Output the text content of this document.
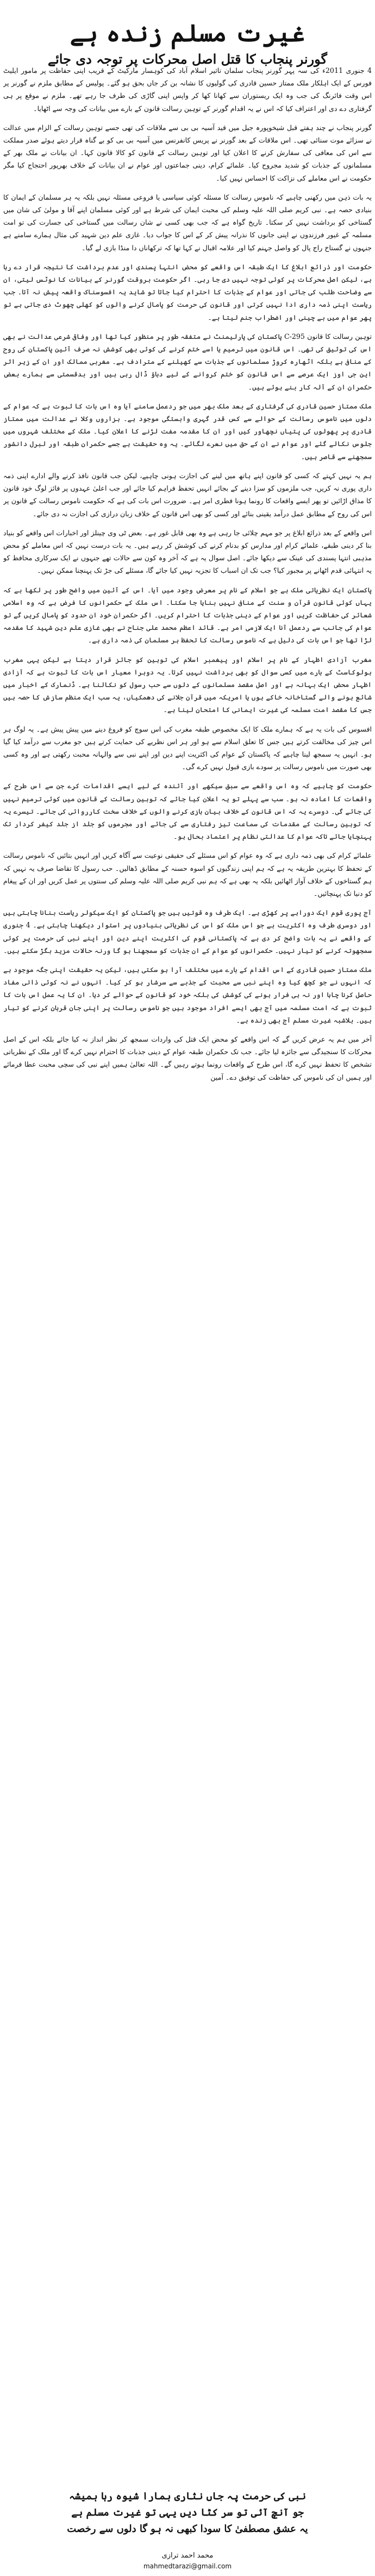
غیرت مسلم زندہ ہے
گورنر پنجاب کا قتل اصل محرکات پر توجہ دی جائے

4 جنوری 2011ء کی سہ پہر گورنر پنجاب سلمان تاثیر اسلام آباد کی کوہسار مارکیٹ کے قریب اپنی حفاظت پر مامور ایلیٹ فورس کے ایک اہلکار ملک ممتاز حسین قادری کی گولیوں کا نشانہ بن کر جاں بحق ہو گئے۔ پولیس کے مطابق ملزم نے گورنر پر اس وقت فائرنگ کی جب وہ ایک ریستوران سے کھانا کھا کر واپس اپنی گاڑی کی طرف جا رہے تھے۔ ملزم نے موقع پر ہی گرفتاری دے دی اور اعتراف کیا کہ اس نے یہ اقدام گورنر کے توہین رسالت قانون کے بارے میں بیانات کی وجہ سے اٹھایا۔

گورنر پنجاب نے چند ہفتے قبل شیخوپورہ جیل میں قید آسیہ بی بی سے ملاقات کی تھی جسے توہین رسالت کے الزام میں عدالت نے سزائے موت سنائی تھی۔ اس ملاقات کے بعد گورنر نے پریس کانفرنس میں آسیہ بی بی کو بے گناہ قرار دیتے ہوئے صدر مملکت سے اس کی معافی کی سفارش کرنے کا اعلان کیا اور توہین رسالت کے قانون کو کالا قانون کہا۔ ان بیانات نے ملک بھر کے مسلمانوں کے جذبات کو شدید مجروح کیا۔ علمائے کرام، دینی جماعتوں اور عوام نے ان بیانات کے خلاف بھرپور احتجاج کیا مگر حکومت نے اس معاملے کی نزاکت کا احساس نہیں کیا۔

یہ بات ذہن میں رکھنی چاہیے کہ ناموس رسالت کا مسئلہ کوئی سیاسی یا فروعی مسئلہ نہیں بلکہ یہ ہر مسلمان کے ایمان کا بنیادی حصہ ہے۔ نبی کریم صلی اللہ علیہ وسلم کی محبت ایمان کی شرط ہے اور کوئی مسلمان اپنے آقا و مولیٰ کی شان میں گستاخی کو برداشت نہیں کر سکتا۔ تاریخ گواہ ہے کہ جب بھی کسی نے شان رسالت میں گستاخی کی جسارت کی تو امت مسلمہ کے غیور فرزندوں نے اپنی جانوں کا نذرانہ پیش کر کے اس کا جواب دیا۔ غازی علم دین شہید کی مثال ہمارے سامنے ہے جنہوں نے گستاخ راج پال کو واصل جہنم کیا اور علامہ اقبال نے کہا تھا کہ ترکھاناں دا منڈا بازی لے گیا۔

حکومت اور ذرائع ابلاغ کا ایک طبقہ اس واقعے کو محض انتہا پسندی اور عدم برداشت کا نتیجہ قرار دے رہا ہے، لیکن اصل محرکات پر کوئی توجہ نہیں دی جا رہی۔ اگر حکومت بروقت گورنر کے بیانات کا نوٹس لیتی، ان سے وضاحت طلب کی جاتی اور عوام کے جذبات کا احترام کیا جاتا تو شاید یہ افسوسناک واقعہ پیش نہ آتا۔ جب ریاست اپنی ذمہ داری ادا نہیں کرتی اور قانون کی حرمت کو پامال کرنے والوں کو کھلی چھوٹ دی جاتی ہے تو پھر عوام میں بے چینی اور اضطراب جنم لیتا ہے۔

توہین رسالت کا قانون 295-C پاکستان کی پارلیمنٹ نے متفقہ طور پر منظور کیا تھا اور وفاقی شرعی عدالت نے بھی اس کی توثیق کی تھی۔ اس قانون میں ترمیم یا اسے ختم کرنے کی کوئی بھی کوشش نہ صرف آئین پاکستان کی روح کے منافی ہے بلکہ اٹھارہ کروڑ مسلمانوں کے جذبات سے کھیلنے کے مترادف ہے۔ مغربی ممالک اور ان کے زیر اثر این جی اوز ایک عرصے سے اس قانون کو ختم کروانے کے لیے دباؤ ڈال رہی ہیں اور بدقسمتی سے ہمارے بعض حکمران ان کے آلہ کار بنے ہوئے ہیں۔

ملک ممتاز حسین قادری کی گرفتاری کے بعد ملک بھر میں جو ردعمل سامنے آیا وہ اس بات کا ثبوت ہے کہ عوام کے دلوں میں ناموس رسالت کے حوالے سے کس قدر گہری وابستگی موجود ہے۔ ہزاروں وکلا نے عدالت میں ممتاز قادری پر پھولوں کی پتیاں نچھاور کیں اور ان کا مقدمہ مفت لڑنے کا اعلان کیا۔ ملک کے مختلف شہروں میں جلوس نکالے گئے اور عوام نے ان کے حق میں نعرے لگائے۔ یہ وہ حقیقت ہے جسے حکمران طبقہ اور لبرل دانشور سمجھنے سے قاصر ہیں۔

ہم یہ نہیں کہتے کہ کسی کو قانون اپنے ہاتھ میں لینے کی اجازت ہونی چاہیے، لیکن جب قانون نافذ کرنے والے ادارے اپنی ذمہ داری پوری نہ کریں، جب ملزموں کو سزا دینے کے بجائے انہیں تحفظ فراہم کیا جائے اور جب اعلیٰ عہدوں پر فائز لوگ خود قانون کا مذاق اڑائیں تو پھر ایسے واقعات کا رونما ہونا فطری امر ہے۔ ضرورت اس بات کی ہے کہ حکومت ناموس رسالت کے قانون پر اس کی روح کے مطابق عمل درآمد یقینی بنائے اور کسی کو بھی اس قانون کے خلاف زبان درازی کی اجازت نہ دی جائے۔

اس واقعے کے بعد ذرائع ابلاغ پر جو مہم چلائی جا رہی ہے وہ بھی قابل غور ہے۔ بعض ٹی وی چینلز اور اخبارات اس واقعے کو بنیاد بنا کر دینی طبقے، علمائے کرام اور مدارس کو بدنام کرنے کی کوشش کر رہے ہیں۔ یہ بات درست نہیں کہ اس معاملے کو محض مذہبی انتہا پسندی کی عینک سے دیکھا جائے۔ اصل سوال یہ ہے کہ آخر وہ کون سے حالات تھے جنہوں نے ایک سرکاری محافظ کو یہ انتہائی قدم اٹھانے پر مجبور کیا؟ جب تک ان اسباب کا تجزیہ نہیں کیا جائے گا، مسئلے کی جڑ تک پہنچنا ممکن نہیں۔

پاکستان ایک نظریاتی ملک ہے جو اسلام کے نام پر معرض وجود میں آیا۔ اس کے آئین میں واضح طور پر لکھا ہے کہ یہاں کوئی قانون قرآن و سنت کے منافی نہیں بنایا جا سکتا۔ اس ملک کے حکمرانوں کا فرض ہے کہ وہ اسلامی شعائر کی حفاظت کریں اور عوام کے دینی جذبات کا احترام کریں۔ اگر حکمران خود ان حدود کو پامال کریں گے تو عوام کی جانب سے ردعمل آنا ایک لازمی امر ہے۔ قائد اعظم محمد علی جناح نے بھی غازی علم دین شہید کا مقدمہ لڑا تھا جو اس بات کی دلیل ہے کہ ناموس رسالت کا تحفظ ہر مسلمان کی ذمہ داری ہے۔

مغرب آزادی اظہار کے نام پر اسلام اور پیغمبر اسلام کی توہین کو جائز قرار دیتا ہے لیکن یہی مغرب ہولوکاسٹ کے بارے میں کسی سوال کو بھی برداشت نہیں کرتا۔ یہ دوہرا معیار اس بات کا ثبوت ہے کہ آزادی اظہار محض ایک بہانہ ہے اور اصل مقصد مسلمانوں کے دلوں سے حب رسول کو نکالنا ہے۔ ڈنمارک کے اخبار میں شائع ہونے والے گستاخانہ خاکے ہوں یا امریکہ میں قرآن جلانے کی دھمکیاں، یہ سب ایک منظم سازش کا حصہ ہیں جس کا مقصد امت مسلمہ کی غیرت ایمانی کا امتحان لینا ہے۔

افسوس کی بات یہ ہے کہ ہمارے ملک کا ایک مخصوص طبقہ مغرب کی اس سوچ کو فروغ دینے میں پیش پیش ہے۔ یہ لوگ ہر اس چیز کی مخالفت کرتے ہیں جس کا تعلق اسلام سے ہو اور ہر اس نظریے کی حمایت کرتے ہیں جو مغرب سے درآمد کیا گیا ہو۔ انہیں یہ سمجھ لینا چاہیے کہ پاکستان کے عوام کی اکثریت اپنے دین اور اپنے نبی سے والہانہ محبت رکھتی ہے اور وہ کسی بھی صورت میں ناموس رسالت پر سودے بازی قبول نہیں کرے گی۔

حکومت کو چاہیے کہ وہ اس واقعے سے سبق سیکھے اور آئندہ کے لیے ایسے اقدامات کرے جن سے اس طرح کے واقعات کا اعادہ نہ ہو۔ سب سے پہلے تو یہ اعلان کیا جائے کہ توہین رسالت کے قانون میں کوئی ترمیم نہیں کی جائے گی۔ دوسرے یہ کہ اس قانون کے خلاف بیان بازی کرنے والوں کے خلاف سخت کارروائی کی جائے۔ تیسرے یہ کہ توہین رسالت کے مقدمات کی سماعت تیز رفتاری سے کی جائے اور مجرموں کو جلد از جلد کیفر کردار تک پہنچایا جائے تاکہ عوام کا عدالتی نظام پر اعتماد بحال ہو۔

علمائے کرام کی بھی ذمہ داری ہے کہ وہ عوام کو اس مسئلے کی حقیقی نوعیت سے آگاہ کریں اور انہیں بتائیں کہ ناموس رسالت کے تحفظ کا بہترین طریقہ یہ ہے کہ ہم اپنی زندگیوں کو اسوہ حسنہ کے مطابق ڈھالیں۔ حب رسول کا تقاضا صرف یہ نہیں کہ ہم گستاخوں کے خلاف آواز اٹھائیں بلکہ یہ بھی ہے کہ ہم نبی کریم صلی اللہ علیہ وسلم کی سنتوں پر عمل کریں اور ان کے پیغام کو دنیا تک پہنچائیں۔

آج پوری قوم ایک دوراہے پر کھڑی ہے۔ ایک طرف وہ قوتیں ہیں جو پاکستان کو ایک سیکولر ریاست بنانا چاہتی ہیں اور دوسری طرف وہ اکثریت ہے جو اس ملک کو اس کی نظریاتی بنیادوں پر استوار دیکھنا چاہتی ہے۔ 4 جنوری کے واقعے نے یہ بات واضح کر دی ہے کہ پاکستانی قوم کی اکثریت اپنے دین اور اپنے نبی کی حرمت پر کوئی سمجھوتہ کرنے کو تیار نہیں۔ حکمرانوں کو عوام کے ان جذبات کو سمجھنا ہو گا ورنہ حالات مزید بگڑ سکتے ہیں۔

ملک ممتاز حسین قادری کے اس اقدام کے بارے میں مختلف آرا ہو سکتی ہیں، لیکن یہ حقیقت اپنی جگہ موجود ہے کہ انہوں نے جو کچھ کیا وہ اپنے نبی سے محبت کے جذبے سے سرشار ہو کر کیا۔ انہوں نے نہ کوئی ذاتی مفاد حاصل کرنا چاہا اور نہ ہی فرار ہونے کی کوشش کی بلکہ خود کو قانون کے حوالے کر دیا۔ ان کا یہ عمل اس بات کا ثبوت ہے کہ امت مسلمہ میں آج بھی ایسے افراد موجود ہیں جو ناموس رسالت پر اپنی جان قربان کرنے کو تیار ہیں۔ بلاشبہ غیرت مسلم آج بھی زندہ ہے۔

آخر میں ہم یہ عرض کریں گے کہ اس واقعے کو محض ایک قتل کی واردات سمجھ کر نظر انداز نہ کیا جائے بلکہ اس کے اصل محرکات کا سنجیدگی سے جائزہ لیا جائے۔ جب تک حکمران طبقہ عوام کے دینی جذبات کا احترام نہیں کرے گا اور ملک کے نظریاتی تشخص کا تحفظ نہیں کرے گا، اس طرح کے واقعات رونما ہوتے رہیں گے۔ اللہ تعالیٰ ہمیں اپنے نبی کی سچی محبت عطا فرمائے اور ہمیں ان کی ناموس کی حفاظت کی توفیق دے۔ آمین

نبی کی حرمت پہ جاں نثاری ہمارا شیوہ رہا ہمیشہ
جو آنچ آئی تو سر کٹا دیں یہی تو غیرت مسلم ہے
یہ عشق مصطفیٰ کا سودا کبھی نہ ہو گا دلوں سے رخصت
محمد احمد ترازی
mahmedtarazi@gmail.com
